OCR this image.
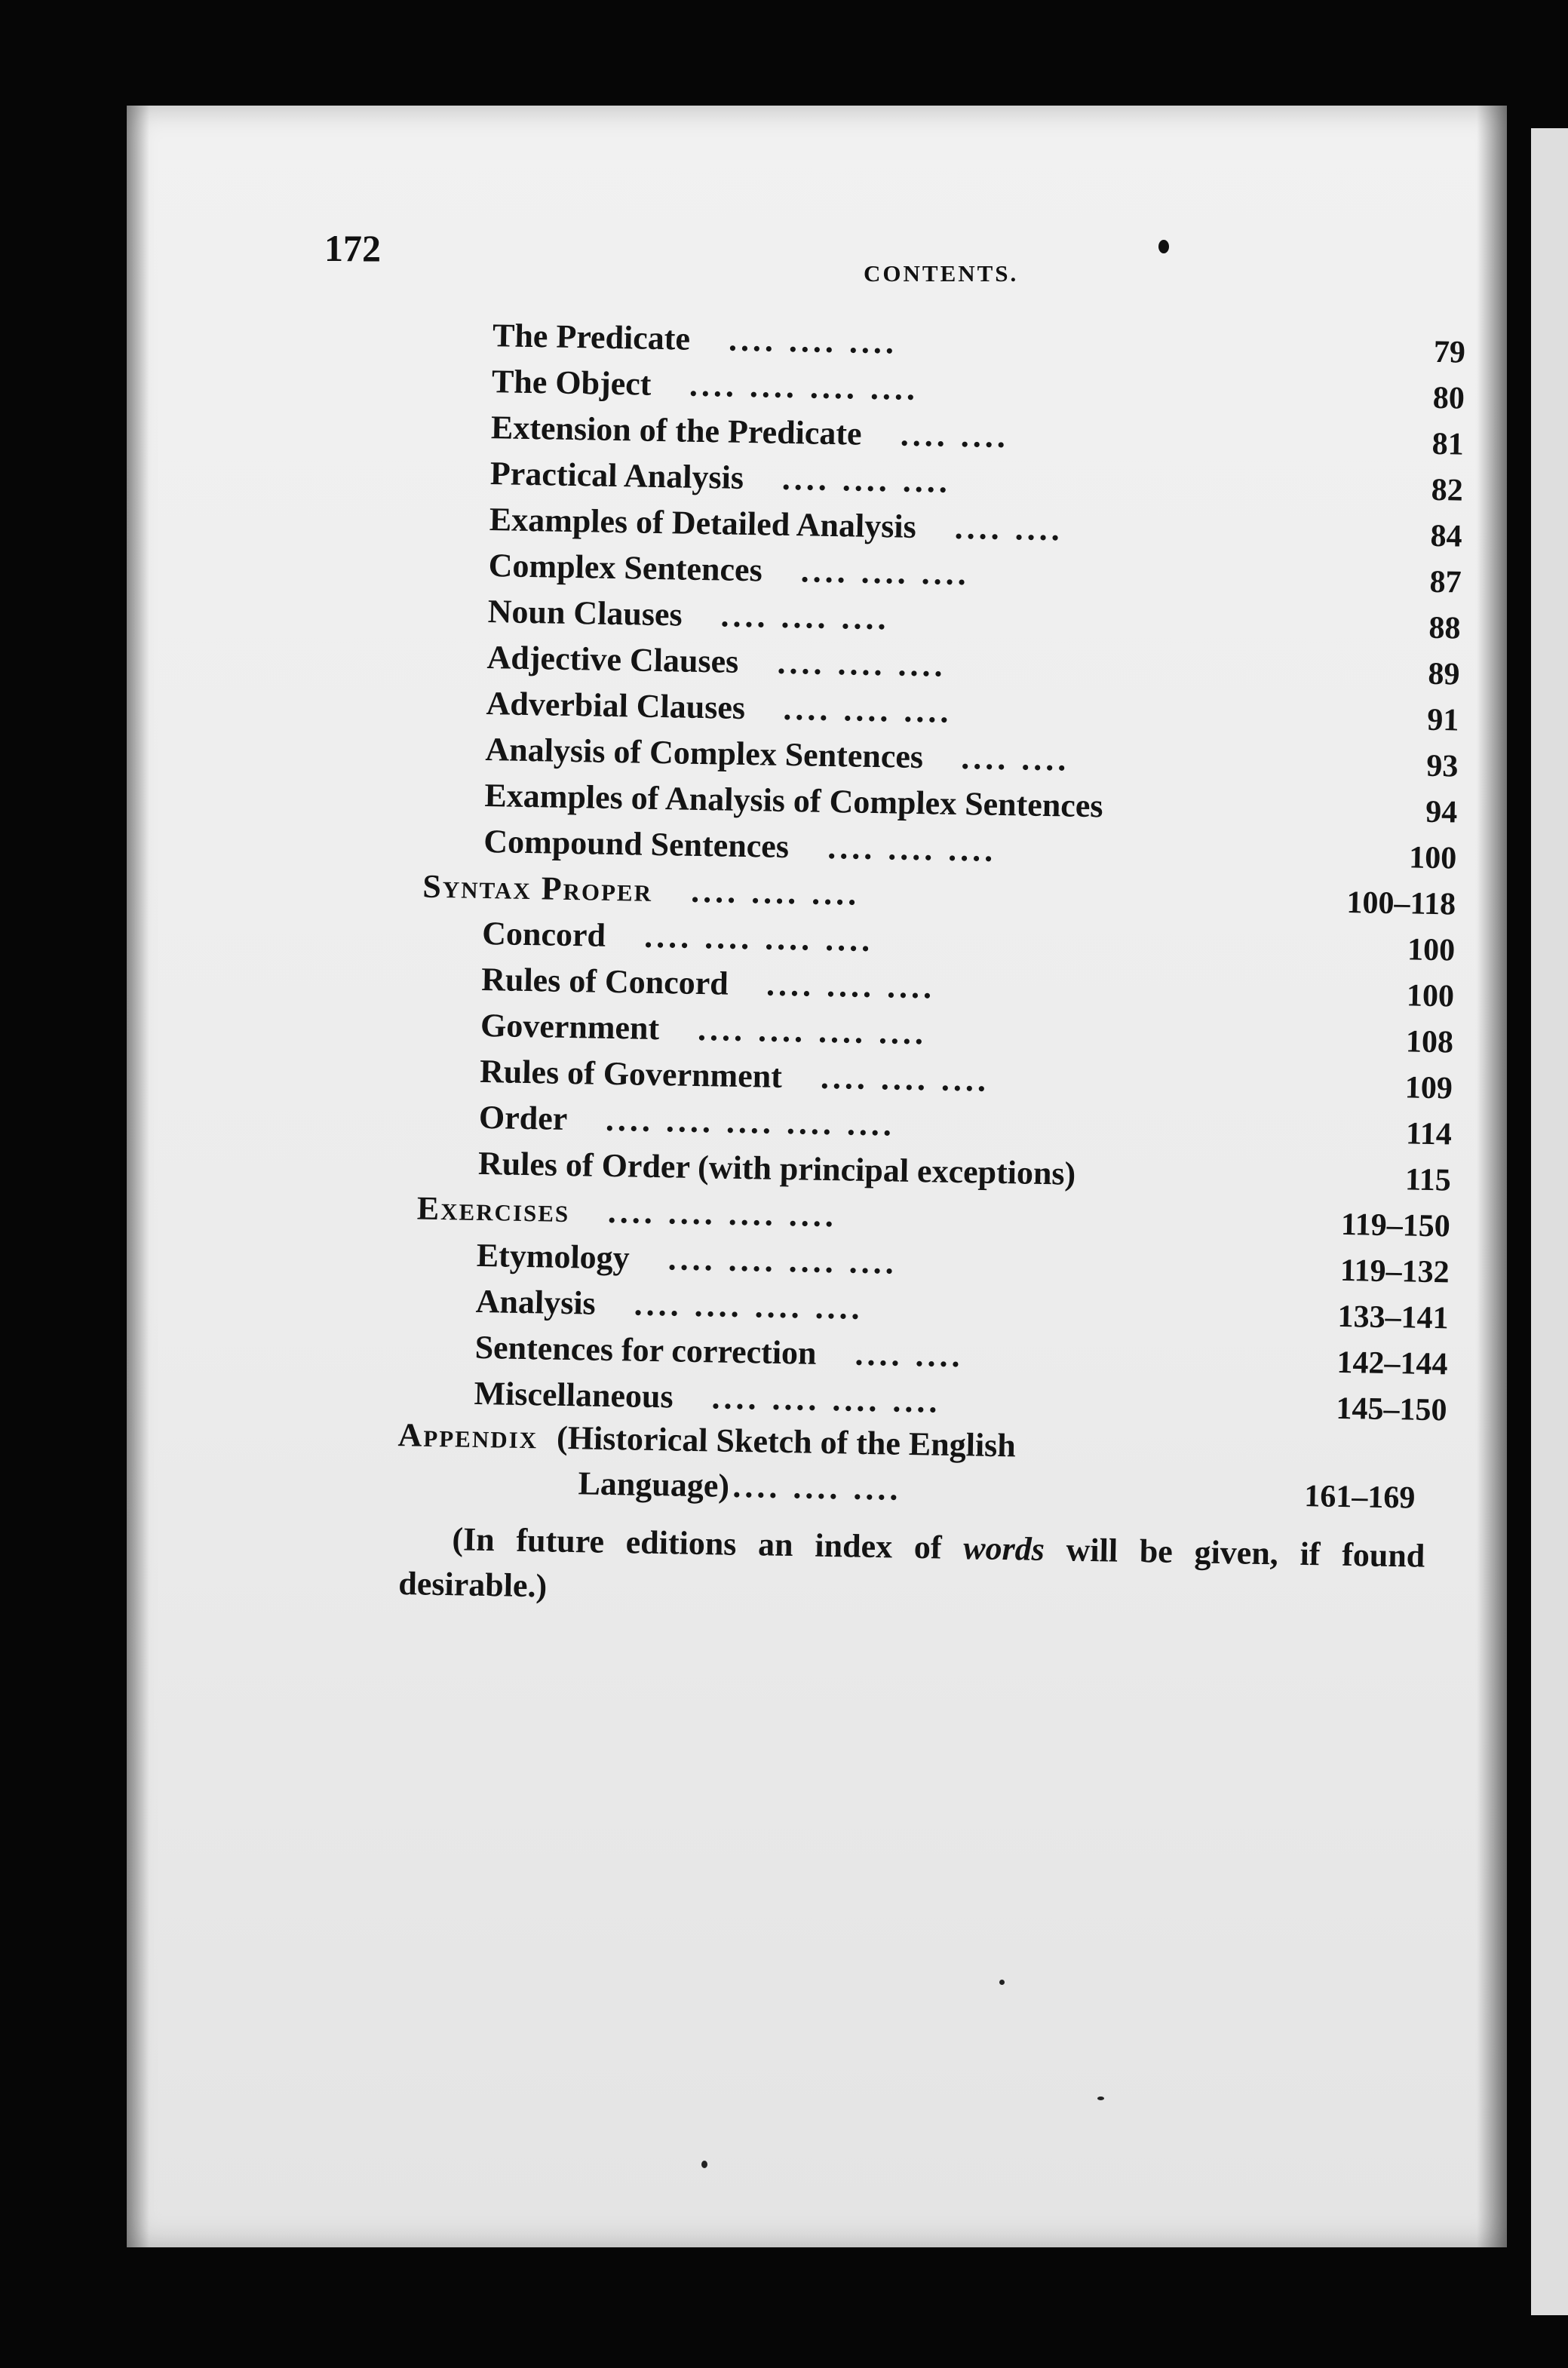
172

CONTENTS.

Appendix (Historical Sketch of the English
Language) .... .... ....	161–169
The Predicate .... .... ....	79
The Object .... .... .... ....	80
Extension of the Predicate .... ....	81
Practical Analysis .... .... ....	82
Examples of Detailed Analysis .... ....	84
Complex Sentences .... .... ....	87
Noun Clauses .... .... ....	88
Adjective Clauses .... .... ....	89
Adverbial Clauses .... .... ....	91
Analysis of Complex Sentences .... ....	93
Examples of Analysis of Complex Sentences	94
Compound Sentences .... .... ....	100
Syntax Proper .... .... ....	100–118
Concord .... .... .... ....	100
Rules of Concord .... .... ....	100
Government .... .... .... ....	108
Rules of Government .... .... ....	109
Order .... .... .... .... ....	114
Rules of Order (with principal exceptions)	115
Exercises .... .... .... ....	119–150
Etymology .... .... .... ....	119–132
Analysis .... .... .... ....	133–141
Sentences for correction .... ....	142–144
Miscellaneous .... .... .... ....	145–150

(In future editions an index of words will be given, if found desirable.)
